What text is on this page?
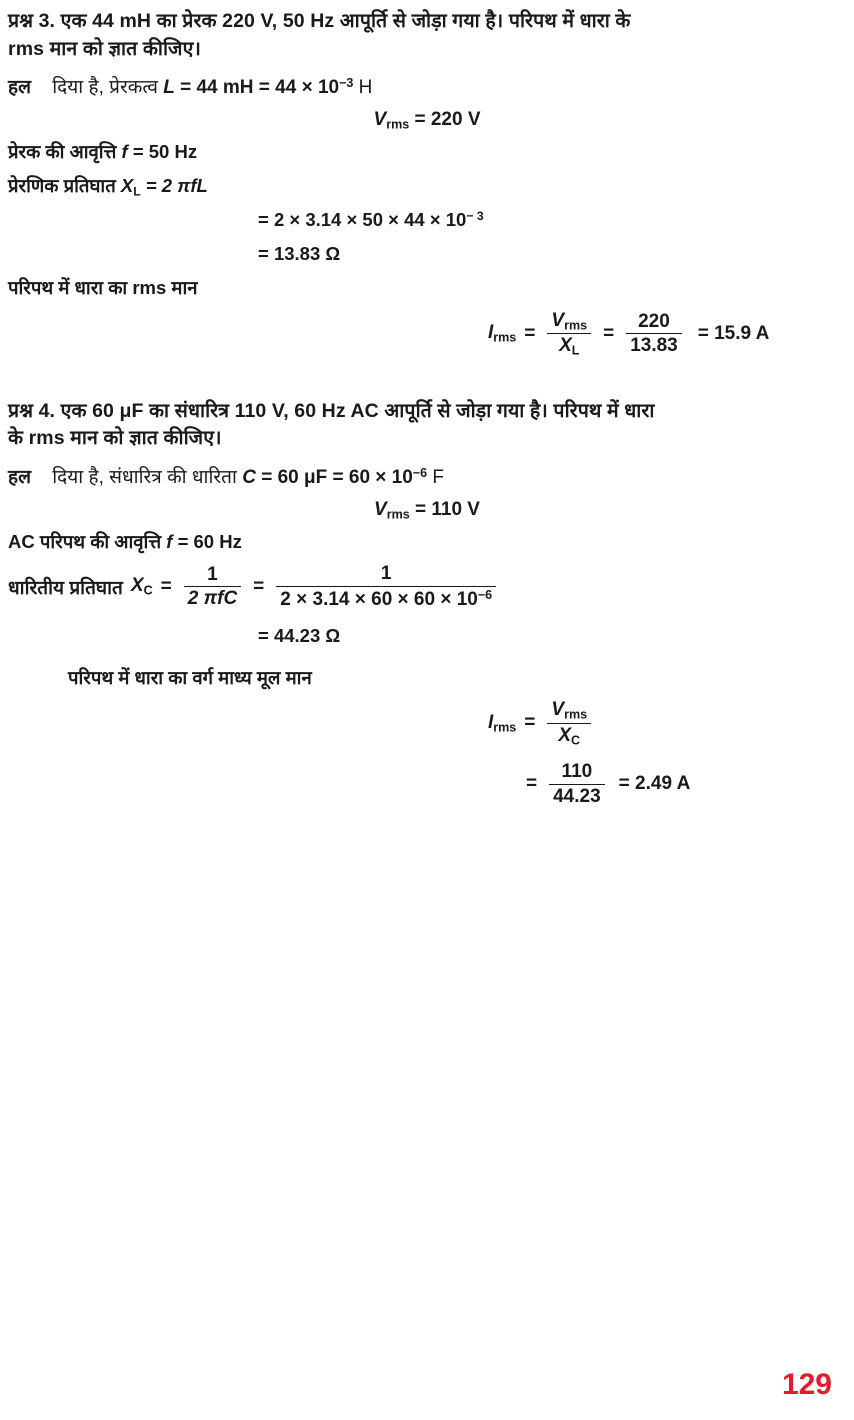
प्रश्न 3. एक 44 mH का प्रेरक 220 V, 50 Hz आपूर्ति से जोड़ा गया है। परिपथ में धारा के
rms मान को ज्ञात कीजिए।
हल दिया है, प्रेरकत्व L = 44 mH = $44 \times 10^{-3}$ H
$V_{rms} = 220$ V
प्रेरक की आवृत्ति f = 50 Hz
प्रेरणिक प्रतिघात $X_L = 2$ πfL
= $2 \times 3.14 \times 50 \times 44 \times 10^{- 3}$
= 13.83 Ω
परिपथ में धारा का rms मान
$I_{rms} = \frac{V_{rms}}{X_L} = \frac{220}{13.83} = 15.9$ A
प्रश्न 4. एक 60 μF का संधारित्र 110 V, 60 Hz AC आपूर्ति से जोड़ा गया है। परिपथ में धारा
के rms मान को ज्ञात कीजिए।
हल दिया है, संधारित्र की धारिता C = 60 $\mu F = 60 \times 10^{-6}$ F
$V_{rms} = 110$ V
AC परिपथ की आवृत्ति f = 60 Hz
धारितीय प्रतिघात $X_C = \frac{1}{\text{2 πfC}} = \frac{1}{2 \times 3.14 \times 60 \times 60 \times 10^{-6}}$
= 44.23 Ω
परिपथ में धारा का वर्ग माध्य मूल मान
$I_{rms} = \frac{V_{rms}}{X_C}$
= $\frac{110}{44.23} = 2.49$ A
129
